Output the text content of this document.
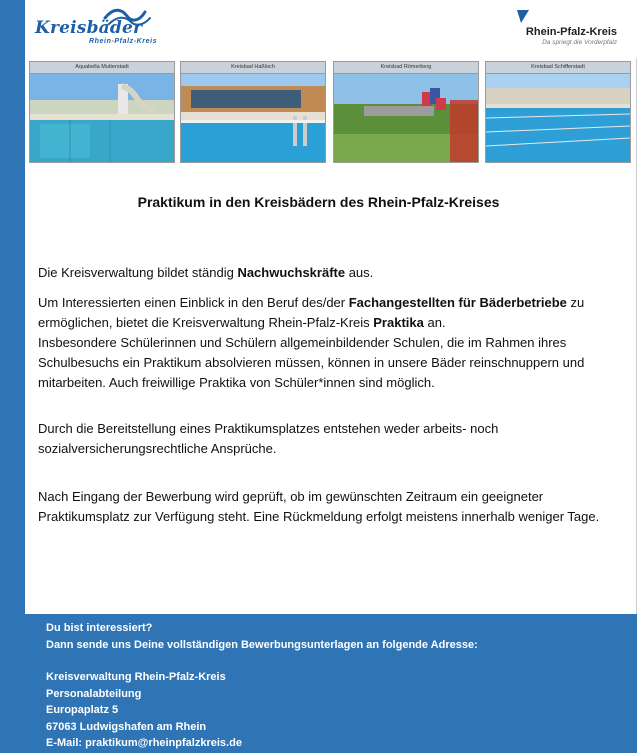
Kreisbäder
Rhein-Pfalz-Kreis
Rhein-Pfalz-Kreis
Da spriegt die Vorderpfalz
Aquabella Mutterstadt	Kreisbad Haßloch	Kreisbad Römerberg	Kreisbad Schifferstadt
Praktikum in den Kreisbädern des Rhein-Pfalz-Kreises

Die Kreisverwaltung bildet ständig Nachwuchskräfte aus.

Um Interessierten einen Einblick in den Beruf des/der Fachangestellten für Bäderbetriebe zu ermöglichen, bietet die Kreisverwaltung Rhein-Pfalz-Kreis Praktika an.

Insbesondere Schülerinnen und Schülern allgemeinbildender Schulen, die im Rahmen ihres Schulbesuchs ein Praktikum absolvieren müssen, können in unsere Bäder reinschnuppern und mitarbeiten. Auch freiwillige Praktika von Schüler*innen sind möglich.

Durch die Bereitstellung eines Praktikumsplatzes entstehen weder arbeits- noch sozialversicherungsrechtliche Ansprüche.

Nach Eingang der Bewerbung wird geprüft, ob im gewünschten Zeitraum ein geeigneter Praktikumsplatz zur Verfügung steht. Eine Rückmeldung erfolgt meistens innerhalb weniger Tage.

Du bist interessiert?
Dann sende uns Deine vollständigen Bewerbungsunterlagen an folgende Adresse:
Kreisverwaltung Rhein-Pfalz-Kreis
Personalabteilung
Europaplatz 5
67063 Ludwigshafen am Rhein
E-Mail: praktikum@rheinpfalzkreis.de
